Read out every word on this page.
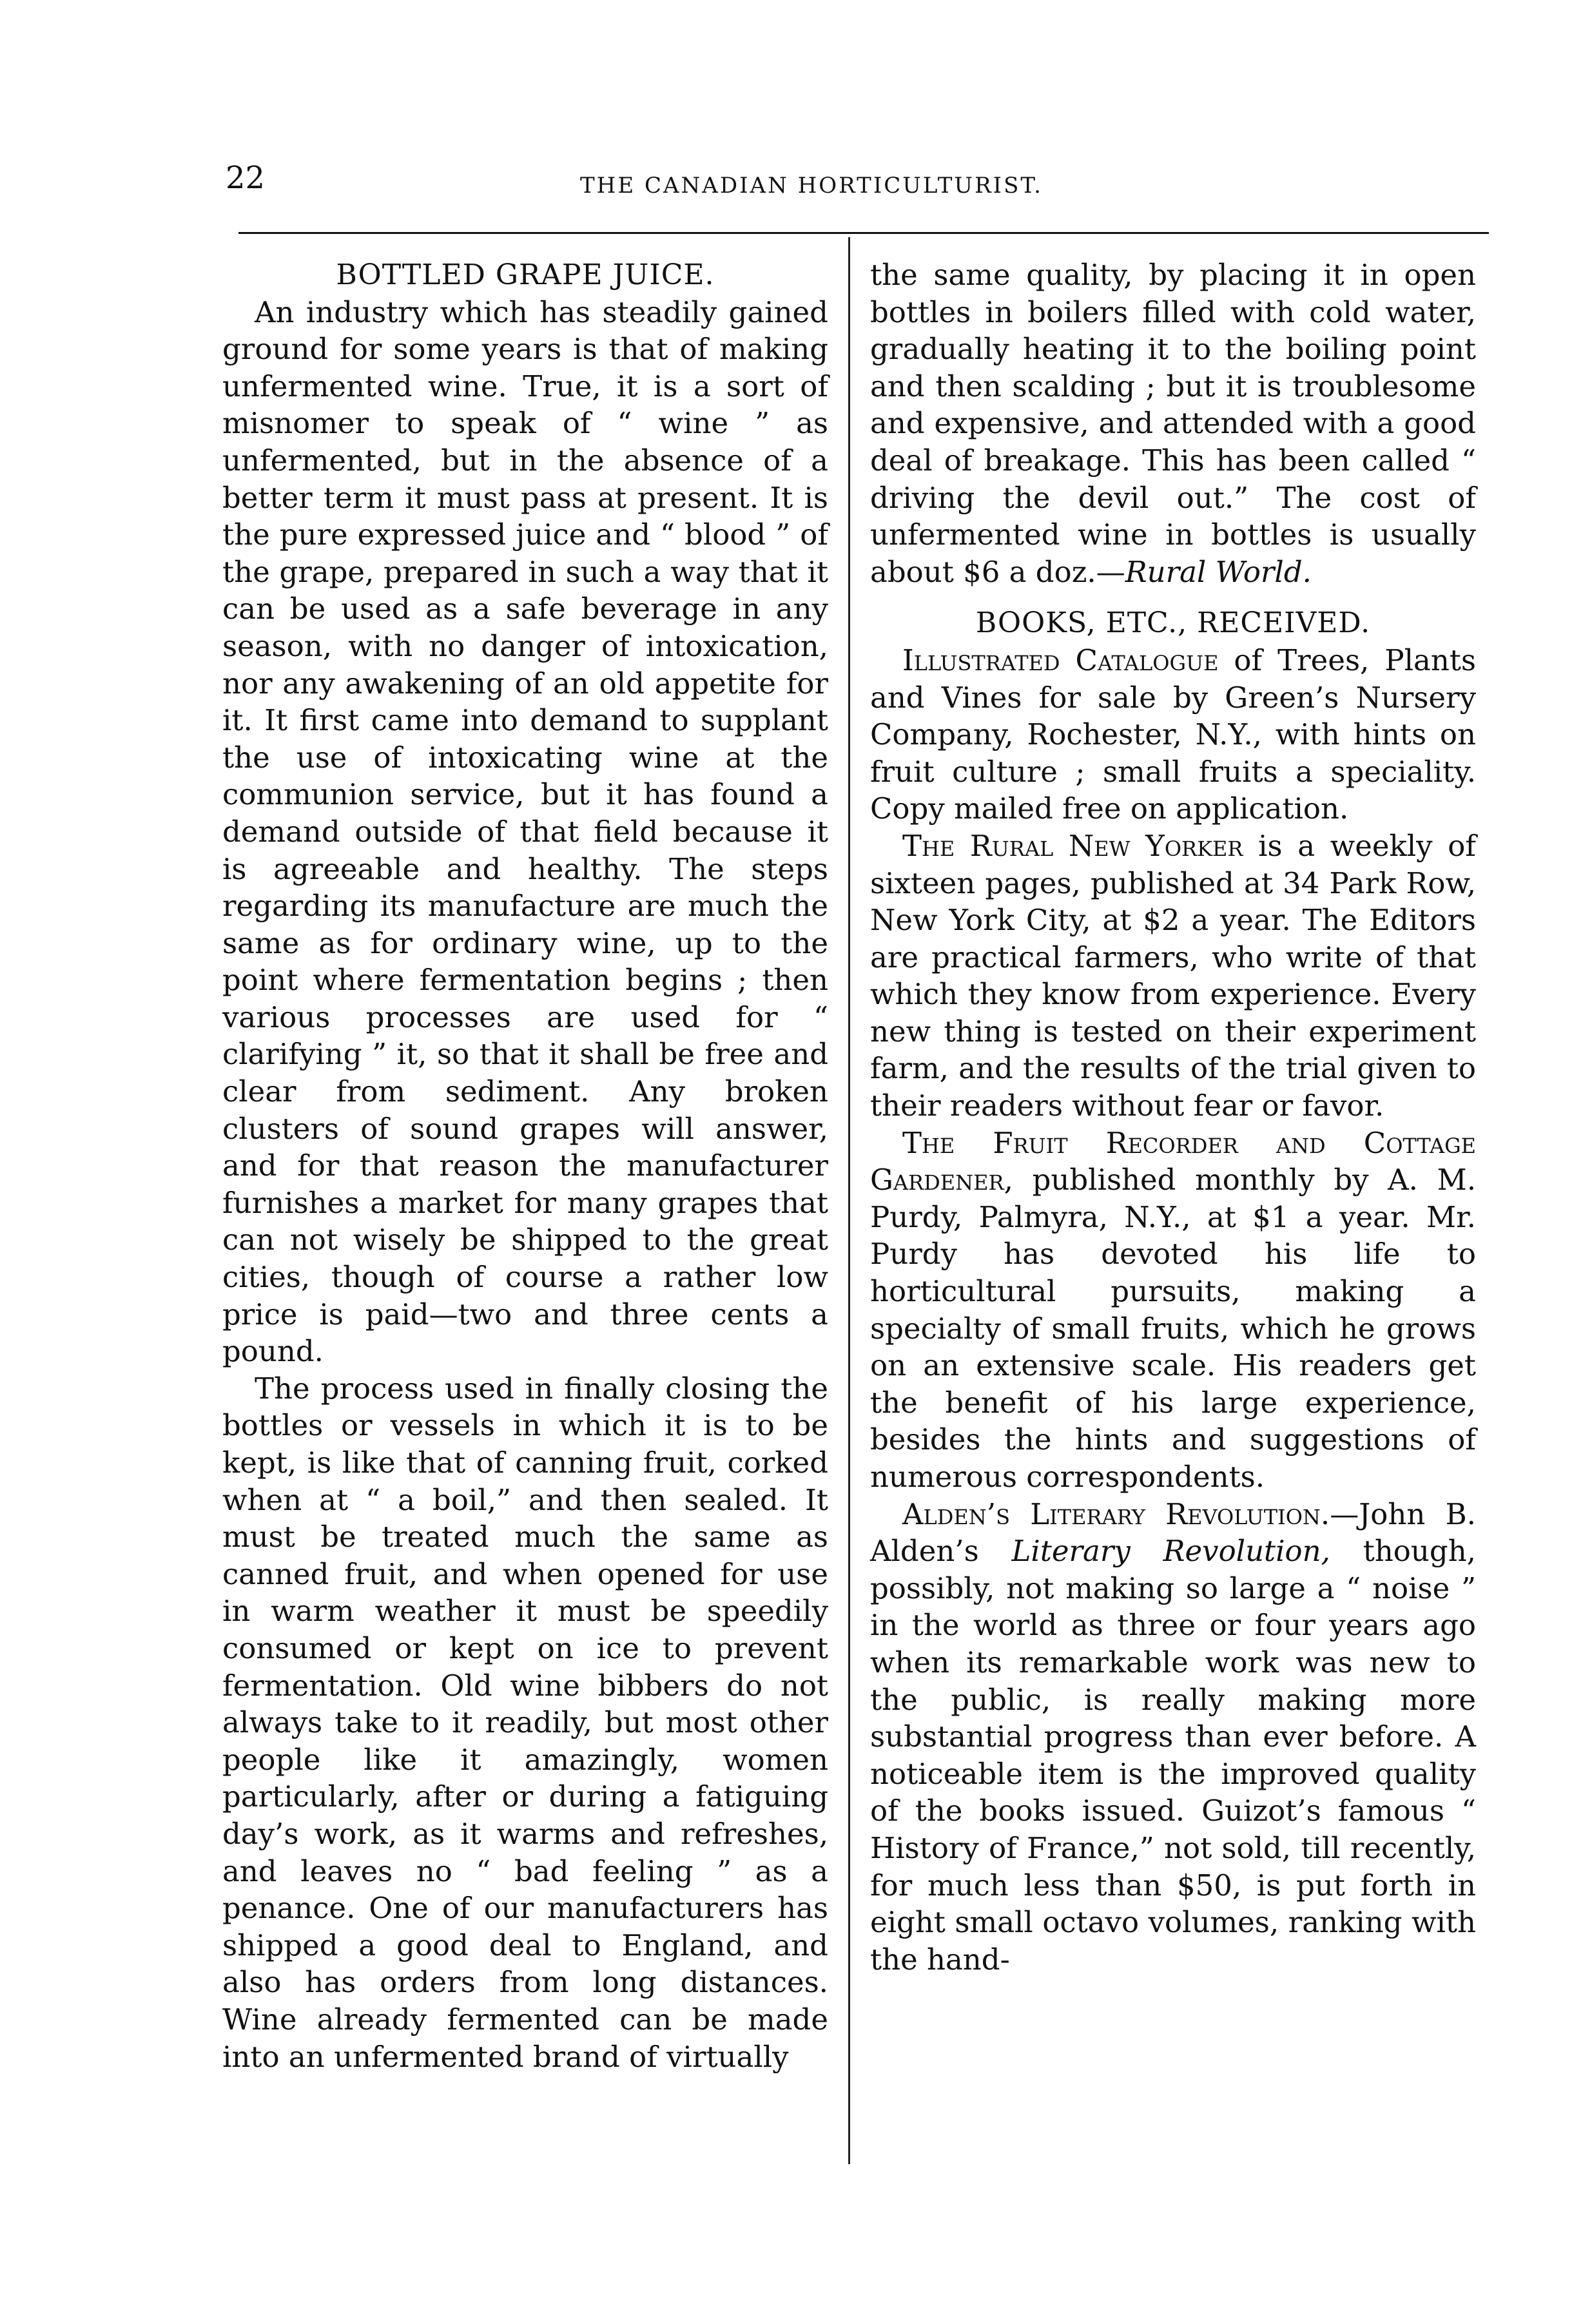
22	THE CANADIAN HORTICULTURIST.
BOTTLED GRAPE JUICE.

An industry which has steadily gained ground for some years is that of making unfermented wine. True, it is a sort of misnomer to speak of “ wine ” as unfermented, but in the absence of a better term it must pass at present. It is the pure expressed juice and “ blood ” of the grape, prepared in such a way that it can be used as a safe beverage in any season, with no danger of intoxication, nor any awakening of an old appetite for it. It first came into demand to supplant the use of intoxicating wine at the communion service, but it has found a demand outside of that field because it is agreeable and healthy. The steps regarding its manufacture are much the same as for ordinary wine, up to the point where fermentation begins ; then various processes are used for “ clarifying ” it, so that it shall be free and clear from sediment. Any broken clusters of sound grapes will answer, and for that reason the manufacturer furnishes a market for many grapes that can not wisely be shipped to the great cities, though of course a rather low price is paid—two and three cents a pound.

The process used in finally closing the bottles or vessels in which it is to be kept, is like that of canning fruit, corked when at “ a boil,” and then sealed. It must be treated much the same as canned fruit, and when opened for use in warm weather it must be speedily consumed or kept on ice to prevent fermentation. Old wine bibbers do not always take to it readily, but most other people like it amazingly, women particularly, after or during a fatiguing day’s work, as it warms and refreshes, and leaves no “ bad feeling ” as a penance. One of our manufacturers has shipped a good deal to England, and also has orders from long distances. Wine already fermented can be made into an unfermented brand of virtually

the same quality, by placing it in open bottles in boilers filled with cold water, gradually heating it to the boiling point and then scalding ; but it is troublesome and expensive, and attended with a good deal of breakage. This has been called “ driving the devil out.” The cost of unfermented wine in bottles is usually about $6 a doz.—Rural World.

BOOKS, ETC., RECEIVED.

Illustrated Catalogue of Trees, Plants and Vines for sale by Green’s Nursery Company, Rochester, N.Y., with hints on fruit culture ; small fruits a speciality. Copy mailed free on application.

The Rural New Yorker is a weekly of sixteen pages, published at 34 Park Row, New York City, at $2 a year. The Editors are practical farmers, who write of that which they know from experience. Every new thing is tested on their experiment farm, and the results of the trial given to their readers without fear or favor.

The Fruit Recorder and Cottage Gardener, published monthly by A. M. Purdy, Palmyra, N.Y., at $1 a year. Mr. Purdy has devoted his life to horticultural pursuits, making a specialty of small fruits, which he grows on an extensive scale. His readers get the benefit of his large experience, besides the hints and suggestions of numerous correspondents.

Alden’s Literary Revolution.—John B. Alden’s Literary Revolution, though, possibly, not making so large a “ noise ” in the world as three or four years ago when its remarkable work was new to the public, is really making more substantial progress than ever before. A noticeable item is the improved quality of the books issued. Guizot’s famous “ History of France,” not sold, till recently, for much less than $50, is put forth in eight small octavo volumes, ranking with the hand-
